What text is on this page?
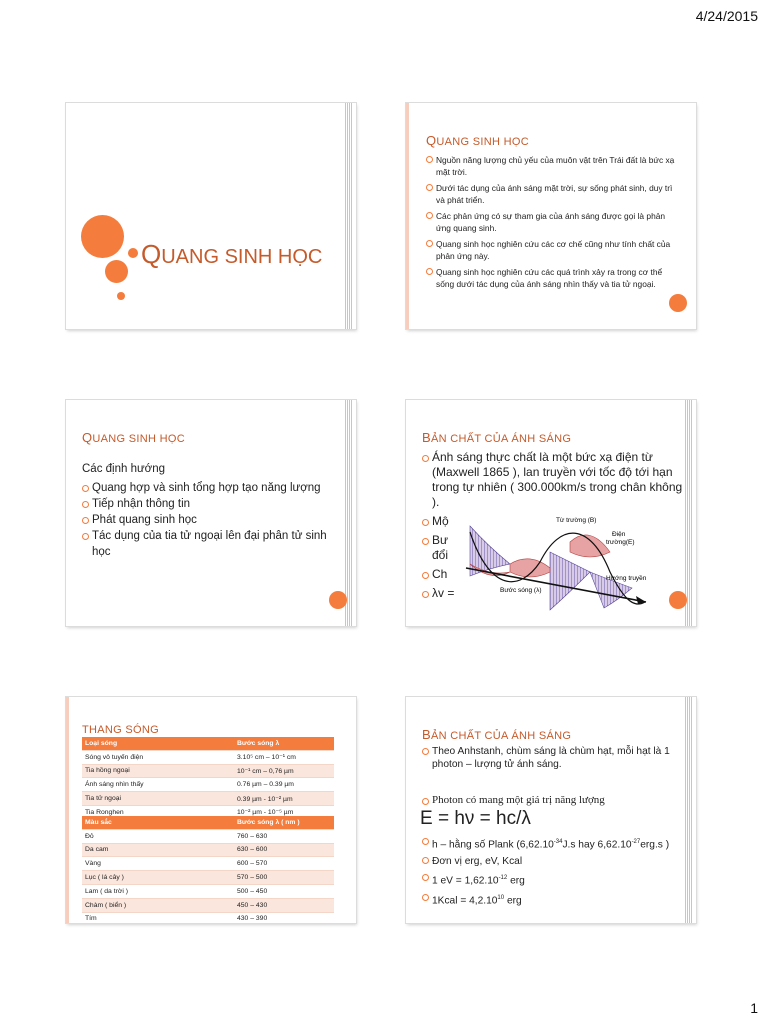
4/24/2015
QUANG SINH HỌC
QUANG SINH HỌC
Nguồn năng lượng chủ yếu của muôn vật trên Trái đất là bức xạ mặt trời.
Dưới tác dụng của ánh sáng mặt trời, sự sống phát sinh, duy trì và phát triển.
Các phản ứng có sự tham gia của ánh sáng được gọi là phản ứng quang sinh.
Quang sinh học nghiên cứu các cơ chế cũng như tính chất của phản ứng này.
Quang sinh học nghiên cứu các quá trình xảy ra trong cơ thể sống dưới tác dụng của ánh sáng nhìn thấy và tia tử ngoại.
QUANG SINH HỌC
Các định hướng
Quang hợp và sinh tổng hợp tạo năng lượng
Tiếp nhận thông tin
Phát quang sinh học
Tác dụng của tia tử ngoại lên đại phân tử sinh học
BẢN CHẤT CỦA ÁNH SÁNG
Ánh sáng thực chất là một bức xạ điện từ (Maxwell 1865 ), lan truyền với tốc độ tới hạn trong tự nhiên ( 300.000km/s trong chân không ).
Mộ
Bư
đổi
Ch
λv =
Từ trường (B)
Điện
trường(E)
Hướng truyền
Bước sóng (λ)
THANG SÓNG
Loại sóng	Bước sóng λ
Sóng vô tuyến điện	3.10⁵ cm – 10⁻¹ cm
Tia hồng ngoại	10⁻¹ cm – 0,76 µm
Ánh sáng nhìn thấy	0.76 µm – 0.39 µm
Tia tử ngoại	0.39 µm - 10⁻² µm
Tia Ronghen	10⁻² µm - 10⁻⁵ µm
Màu sắc	Bước sóng λ ( nm )
Đỏ	760 – 630
Da cam	630 – 600
Vàng	600 – 570
Lục ( lá cây )	570 – 500
Lam ( da trời )	500 – 450
Chàm ( biển )	450 – 430
Tím	430 – 390
BẢN CHẤT CỦA ÁNH SÁNG
Theo Anhstanh, chùm sáng là chùm hạt, mỗi hạt là 1 photon – lượng tử ánh sáng.
Photon có mang một giá trị năng lượng
E = hν = hc/λ
h – hằng số Plank ($6,62.10^{-34}J.s$ hay $6,62.10^{-27}erg.s$ )
Đơn vị erg, eV, Kcal
1 eV = $1,62.10^{-12}$ erg
1Kcal = $4,2.10^{10}$ erg
1
